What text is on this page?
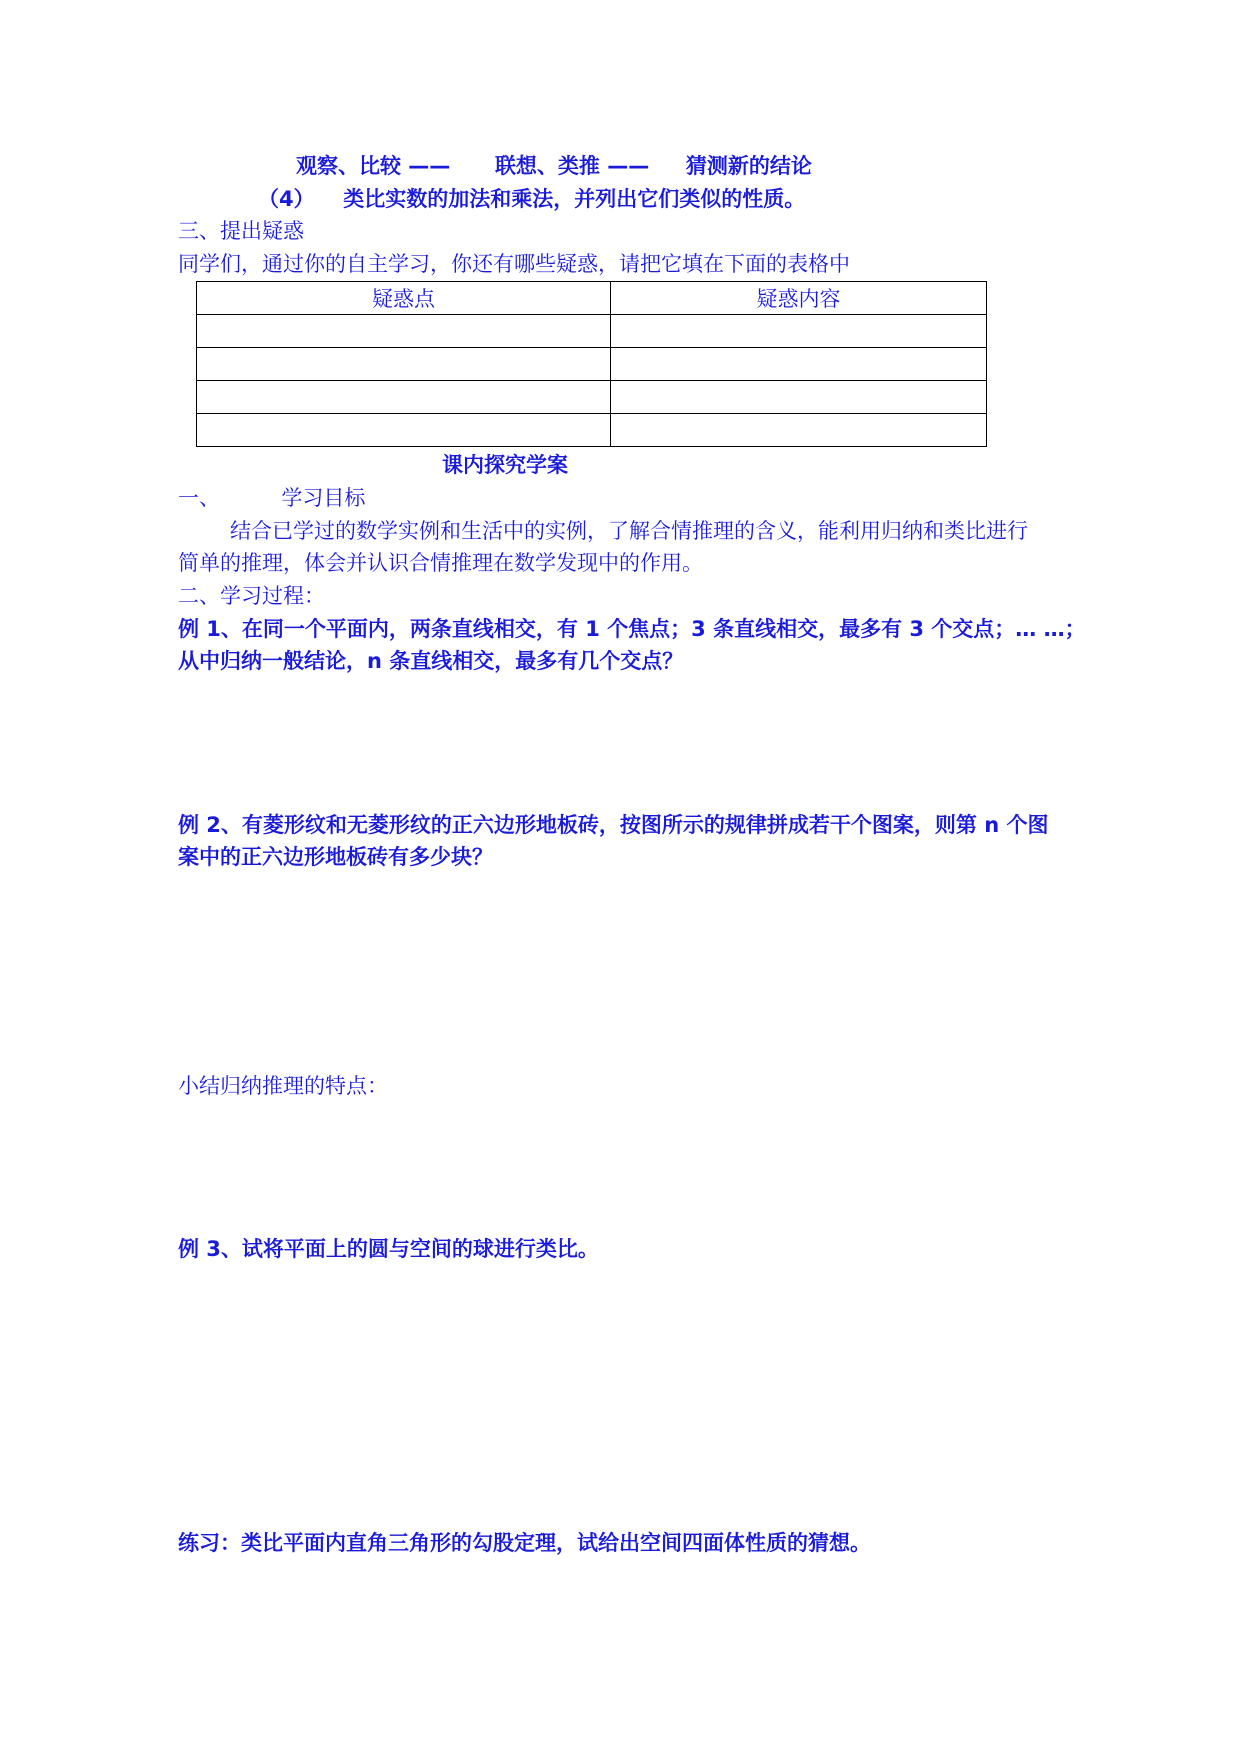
观察、比较 —— 联想、类推 —— 猜测新的结论
（4） 类比实数的加法和乘法，并列出它们类似的性质。
三、提出疑惑
同学们，通过你的自主学习，你还有哪些疑惑，请把它填在下面的表格中
疑惑点	疑惑内容

课内探究学案
一、	学习目标
结合已学过的数学实例和生活中的实例，了解合情推理的含义，能利用归纳和类比进行
简单的推理，体会并认识合情推理在数学发现中的作用。
二、学习过程：
例 1、在同一个平面内，两条直线相交，有 1 个焦点；3 条直线相交，最多有 3 个交点；… …；
从中归纳一般结论，n 条直线相交，最多有几个交点？
例 2、有菱形纹和无菱形纹的正六边形地板砖，按图所示的规律拼成若干个图案，则第 n 个图
案中的正六边形地板砖有多少块？
小结归纳推理的特点：
例 3、试将平面上的圆与空间的球进行类比。
练习：类比平面内直角三角形的勾股定理，试给出空间四面体性质的猜想。
